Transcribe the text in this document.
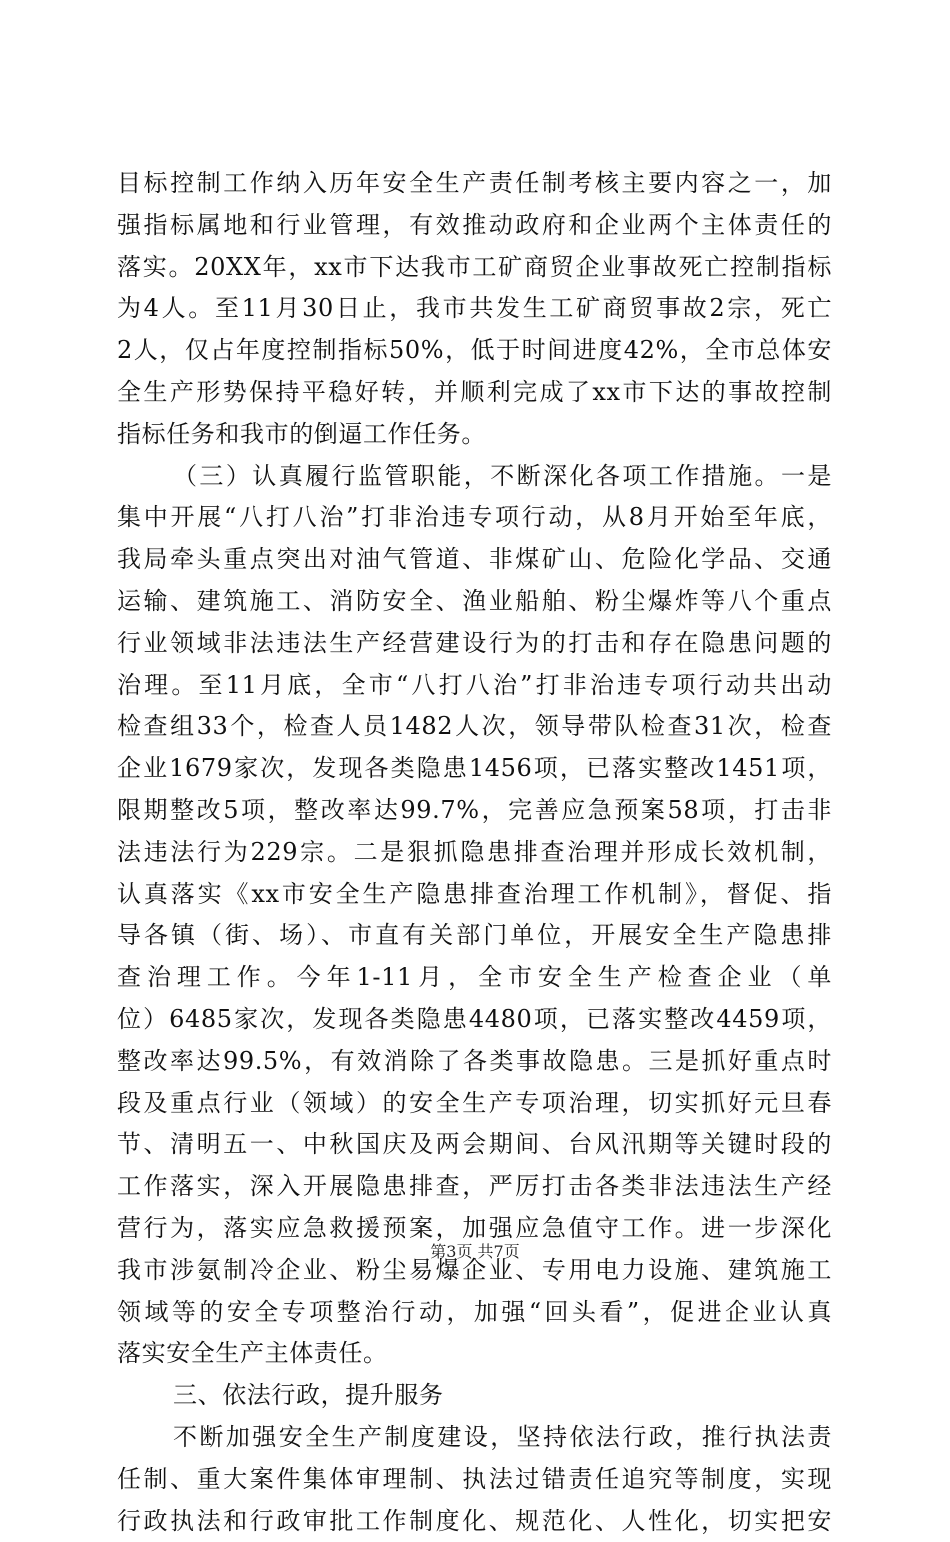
目标控制工作纳入历年安全生产责任制考核主要内容之一，加
强指标属地和行业管理，有效推动政府和企业两个主体责任的
落实。20XX年，xx市下达我市工矿商贸企业事故死亡控制指标
为4人。至11月30日止，我市共发生工矿商贸事故2宗，死亡
2人，仅占年度控制指标50%，低于时间进度42%，全市总体安
全生产形势保持平稳好转，并顺利完成了xx市下达的事故控制
指标任务和我市的倒逼工作任务。
（三）认真履行监管职能，不断深化各项工作措施。一是
集中开展“八打八治”打非治违专项行动，从8月开始至年底，
我局牵头重点突出对油气管道、非煤矿山、危险化学品、交通
运输、建筑施工、消防安全、渔业船舶、粉尘爆炸等八个重点
行业领域非法违法生产经营建设行为的打击和存在隐患问题的
治理。至11月底，全市“八打八治”打非治违专项行动共出动
检查组33个，检查人员1482人次，领导带队检查31次，检查
企业1679家次，发现各类隐患1456项，已落实整改1451项，
限期整改5项，整改率达99.7%，完善应急预案58项，打击非
法违法行为229宗。二是狠抓隐患排查治理并形成长效机制，
认真落实《xx市安全生产隐患排查治理工作机制》，督促、指
导各镇（街、场）、市直有关部门单位，开展安全生产隐患排
查治理工作。今年1-11月，全市安全生产检查企业（单
位）6485家次，发现各类隐患4480项，已落实整改4459项，
整改率达99.5%，有效消除了各类事故隐患。三是抓好重点时
段及重点行业（领域）的安全生产专项治理，切实抓好元旦春
节、清明五一、中秋国庆及两会期间、台风汛期等关键时段的
工作落实，深入开展隐患排查，严厉打击各类非法违法生产经
营行为，落实应急救援预案，加强应急值守工作。进一步深化
我市涉氨制冷企业、粉尘易爆企业、专用电力设施、建筑施工
领域等的安全专项整治行动，加强“回头看”，促进企业认真
落实安全生产主体责任。
三、依法行政，提升服务
不断加强安全生产制度建设，坚持依法行政，推行执法责
任制、重大案件集体审理制、执法过错责任追究等制度，实现
行政执法和行政审批工作制度化、规范化、人性化，切实把安
第3页 共7页
